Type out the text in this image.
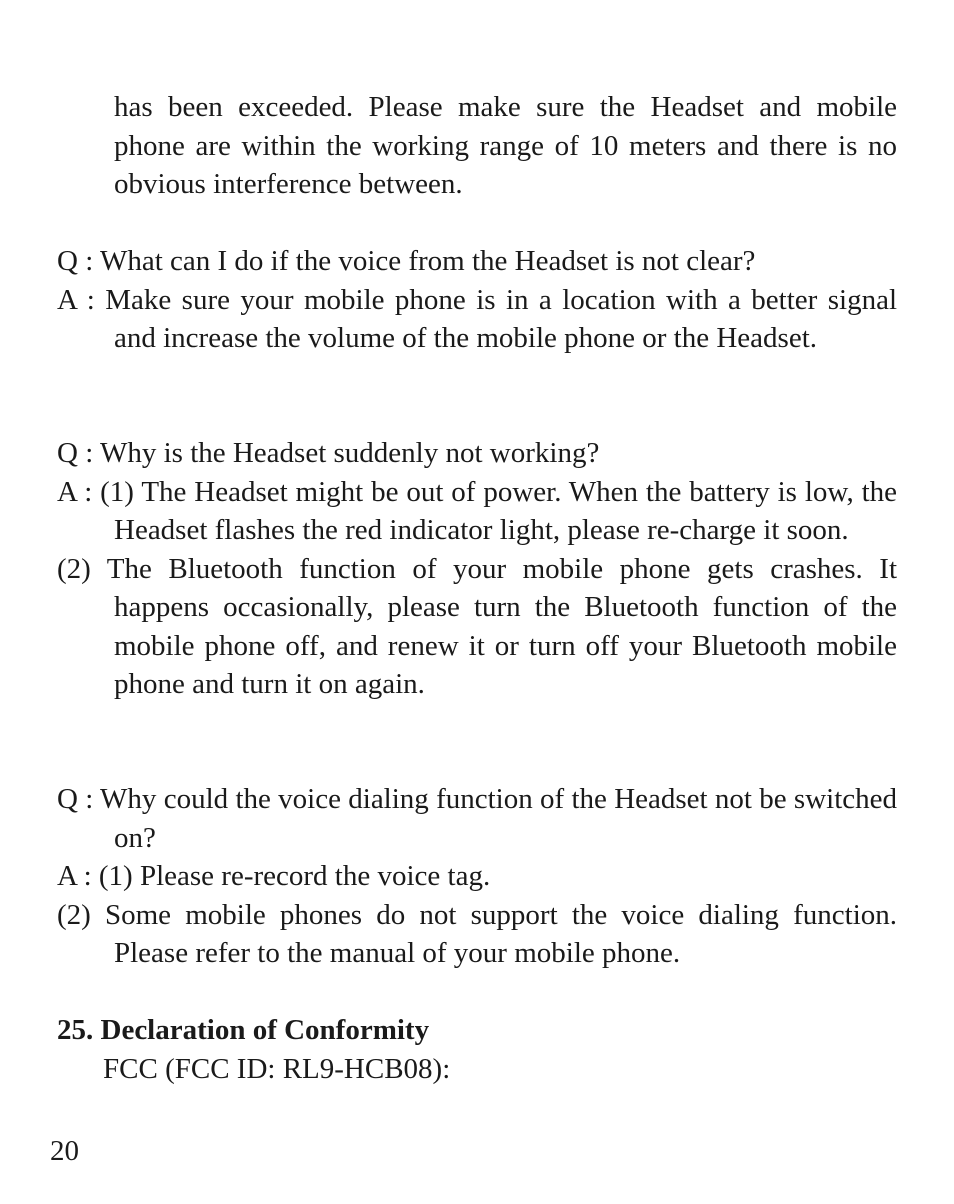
has been exceeded. Please make sure the Headset and mobile phone are within the working range of 10 meters and there is no obvious interference between.

Q : What can I do if the voice from the Headset is not clear?

A : Make sure your mobile phone is in a location with a better signal and increase the volume of the mobile phone or the Headset.

Q : Why is the Headset suddenly not working?

A : (1) The Headset might be out of power. When the battery is low, the Headset flashes the red indicator light, please re-charge it soon.

(2) The Bluetooth function of your mobile phone gets crashes. It happens occasionally, please turn the Bluetooth function of the mobile phone off, and renew it or turn off your Bluetooth mobile phone and turn it on again.

Q : Why could the voice dialing function of the Headset not be switched on?

A : (1) Please re-record the voice tag.

(2) Some mobile phones do not support the voice dialing function. Please refer to the manual of your mobile phone.

25. Declaration of Conformity

FCC (FCC ID: RL9-HCB08):

20
